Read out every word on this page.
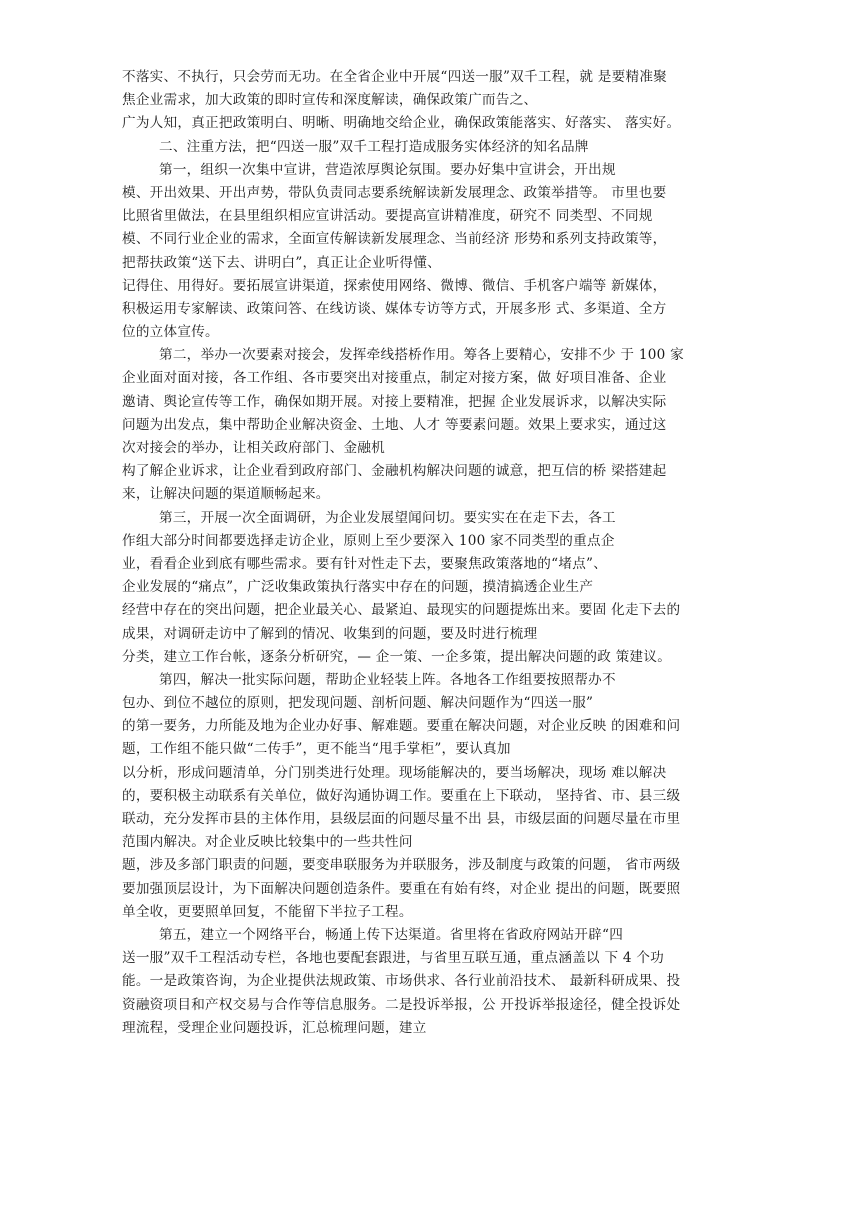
不落实、不执行，只会劳而无功。在全省企业中开展“四送一服”双千工程，就 是要精准聚
焦企业需求，加大政策的即时宣传和深度解读，确保政策广而告之、
广为人知，真正把政策明白、明晰、明确地交给企业，确保政策能落实、好落实、 落实好。
二、注重方法，把“四送一服”双千工程打造成服务实体经济的知名品牌
第一，组织一次集中宣讲，营造浓厚舆论氛围。要办好集中宣讲会，开出规
模、开出效果、开出声势，带队负责同志要系统解读新发展理念、政策举措等。 市里也要
比照省里做法，在县里组织相应宣讲活动。要提高宣讲精准度，研究不 同类型、不同规
模、不同行业企业的需求，全面宣传解读新发展理念、当前经济 形势和系列支持政策等，
把帮扶政策“送下去、讲明白”，真正让企业听得懂、
记得住、用得好。要拓展宣讲渠道，探索使用网络、微博、微信、手机客户端等 新媒体，
积极运用专家解读、政策问答、在线访谈、媒体专访等方式，开展多形 式、多渠道、全方
位的立体宣传。
第二，举办一次要素对接会，发挥牵线搭桥作用。筹各上要精心，安排不少 于 100 家
企业面对面对接，各工作组、各市要突出对接重点，制定对接方案，做 好项目准备、企业
邀请、舆论宣传等工作，确保如期开展。对接上要精准，把握 企业发展诉求，以解决实际
问题为出发点，集中帮助企业解决资金、土地、人才 等要素问题。效果上要求实，通过这
次对接会的举办，让相关政府部门、金融机
构了解企业诉求，让企业看到政府部门、金融机构解决问题的诚意，把互信的桥 梁搭建起
来，让解决问题的渠道顺畅起来。
第三，开展一次全面调研，为企业发展望闻问切。要实实在在走下去，各工
作组大部分时间都要选择走访企业，原则上至少要深入 100 家不同类型的重点企
业，看看企业到底有哪些需求。要有针对性走下去，要聚焦政策落地的“堵点”、
企业发展的“痛点”，广泛收集政策执行落实中存在的问题，摸清搞透企业生产
经营中存在的突出问题，把企业最关心、最紧迫、最现实的问题提炼出来。要固 化走下去的
成果，对调研走访中了解到的情况、收集到的问题，要及时进行梳理
分类，建立工作台帐，逐条分析研究，— 企一策、一企多策，提出解决问题的政 策建议。
第四，解决一批实际问题，帮助企业轻装上阵。各地各工作组要按照帮办不
包办、到位不越位的原则，把发现问题、剖析问题、解决问题作为“四送一服”
的第一要务，力所能及地为企业办好事、解难题。要重在解决问题，对企业反映 的困难和问
题，工作组不能只做“二传手”，更不能当“甩手掌柜”，要认真加
以分析，形成问题清单，分门别类进行处理。现场能解决的，要当场解决，现场 难以解决
的，要积极主动联系有关单位，做好沟通协调工作。要重在上下联动， 坚持省、市、县三级
联动，充分发挥市县的主体作用，县级层面的问题尽量不出 县，市级层面的问题尽量在市里
范围内解决。对企业反映比较集中的一些共性问
题，涉及多部门职责的问题，要变串联服务为并联服务，涉及制度与政策的问题， 省市两级
要加强顶层设计，为下面解决问题创造条件。要重在有始有终，对企业 提出的问题，既要照
单全收，更要照单回复，不能留下半拉子工程。
第五，建立一个网络平台，畅通上传下达渠道。省里将在省政府网站开辟“四
送一服”双千工程活动专栏，各地也要配套跟进，与省里互联互通，重点涵盖以 下 4 个功
能。一是政策咨询，为企业提供法规政策、市场供求、各行业前沿技术、 最新科研成果、投
资融资项目和产权交易与合作等信息服务。二是投诉举报，公 开投诉举报途径，健全投诉处
理流程，受理企业问题投诉，汇总梳理问题，建立
